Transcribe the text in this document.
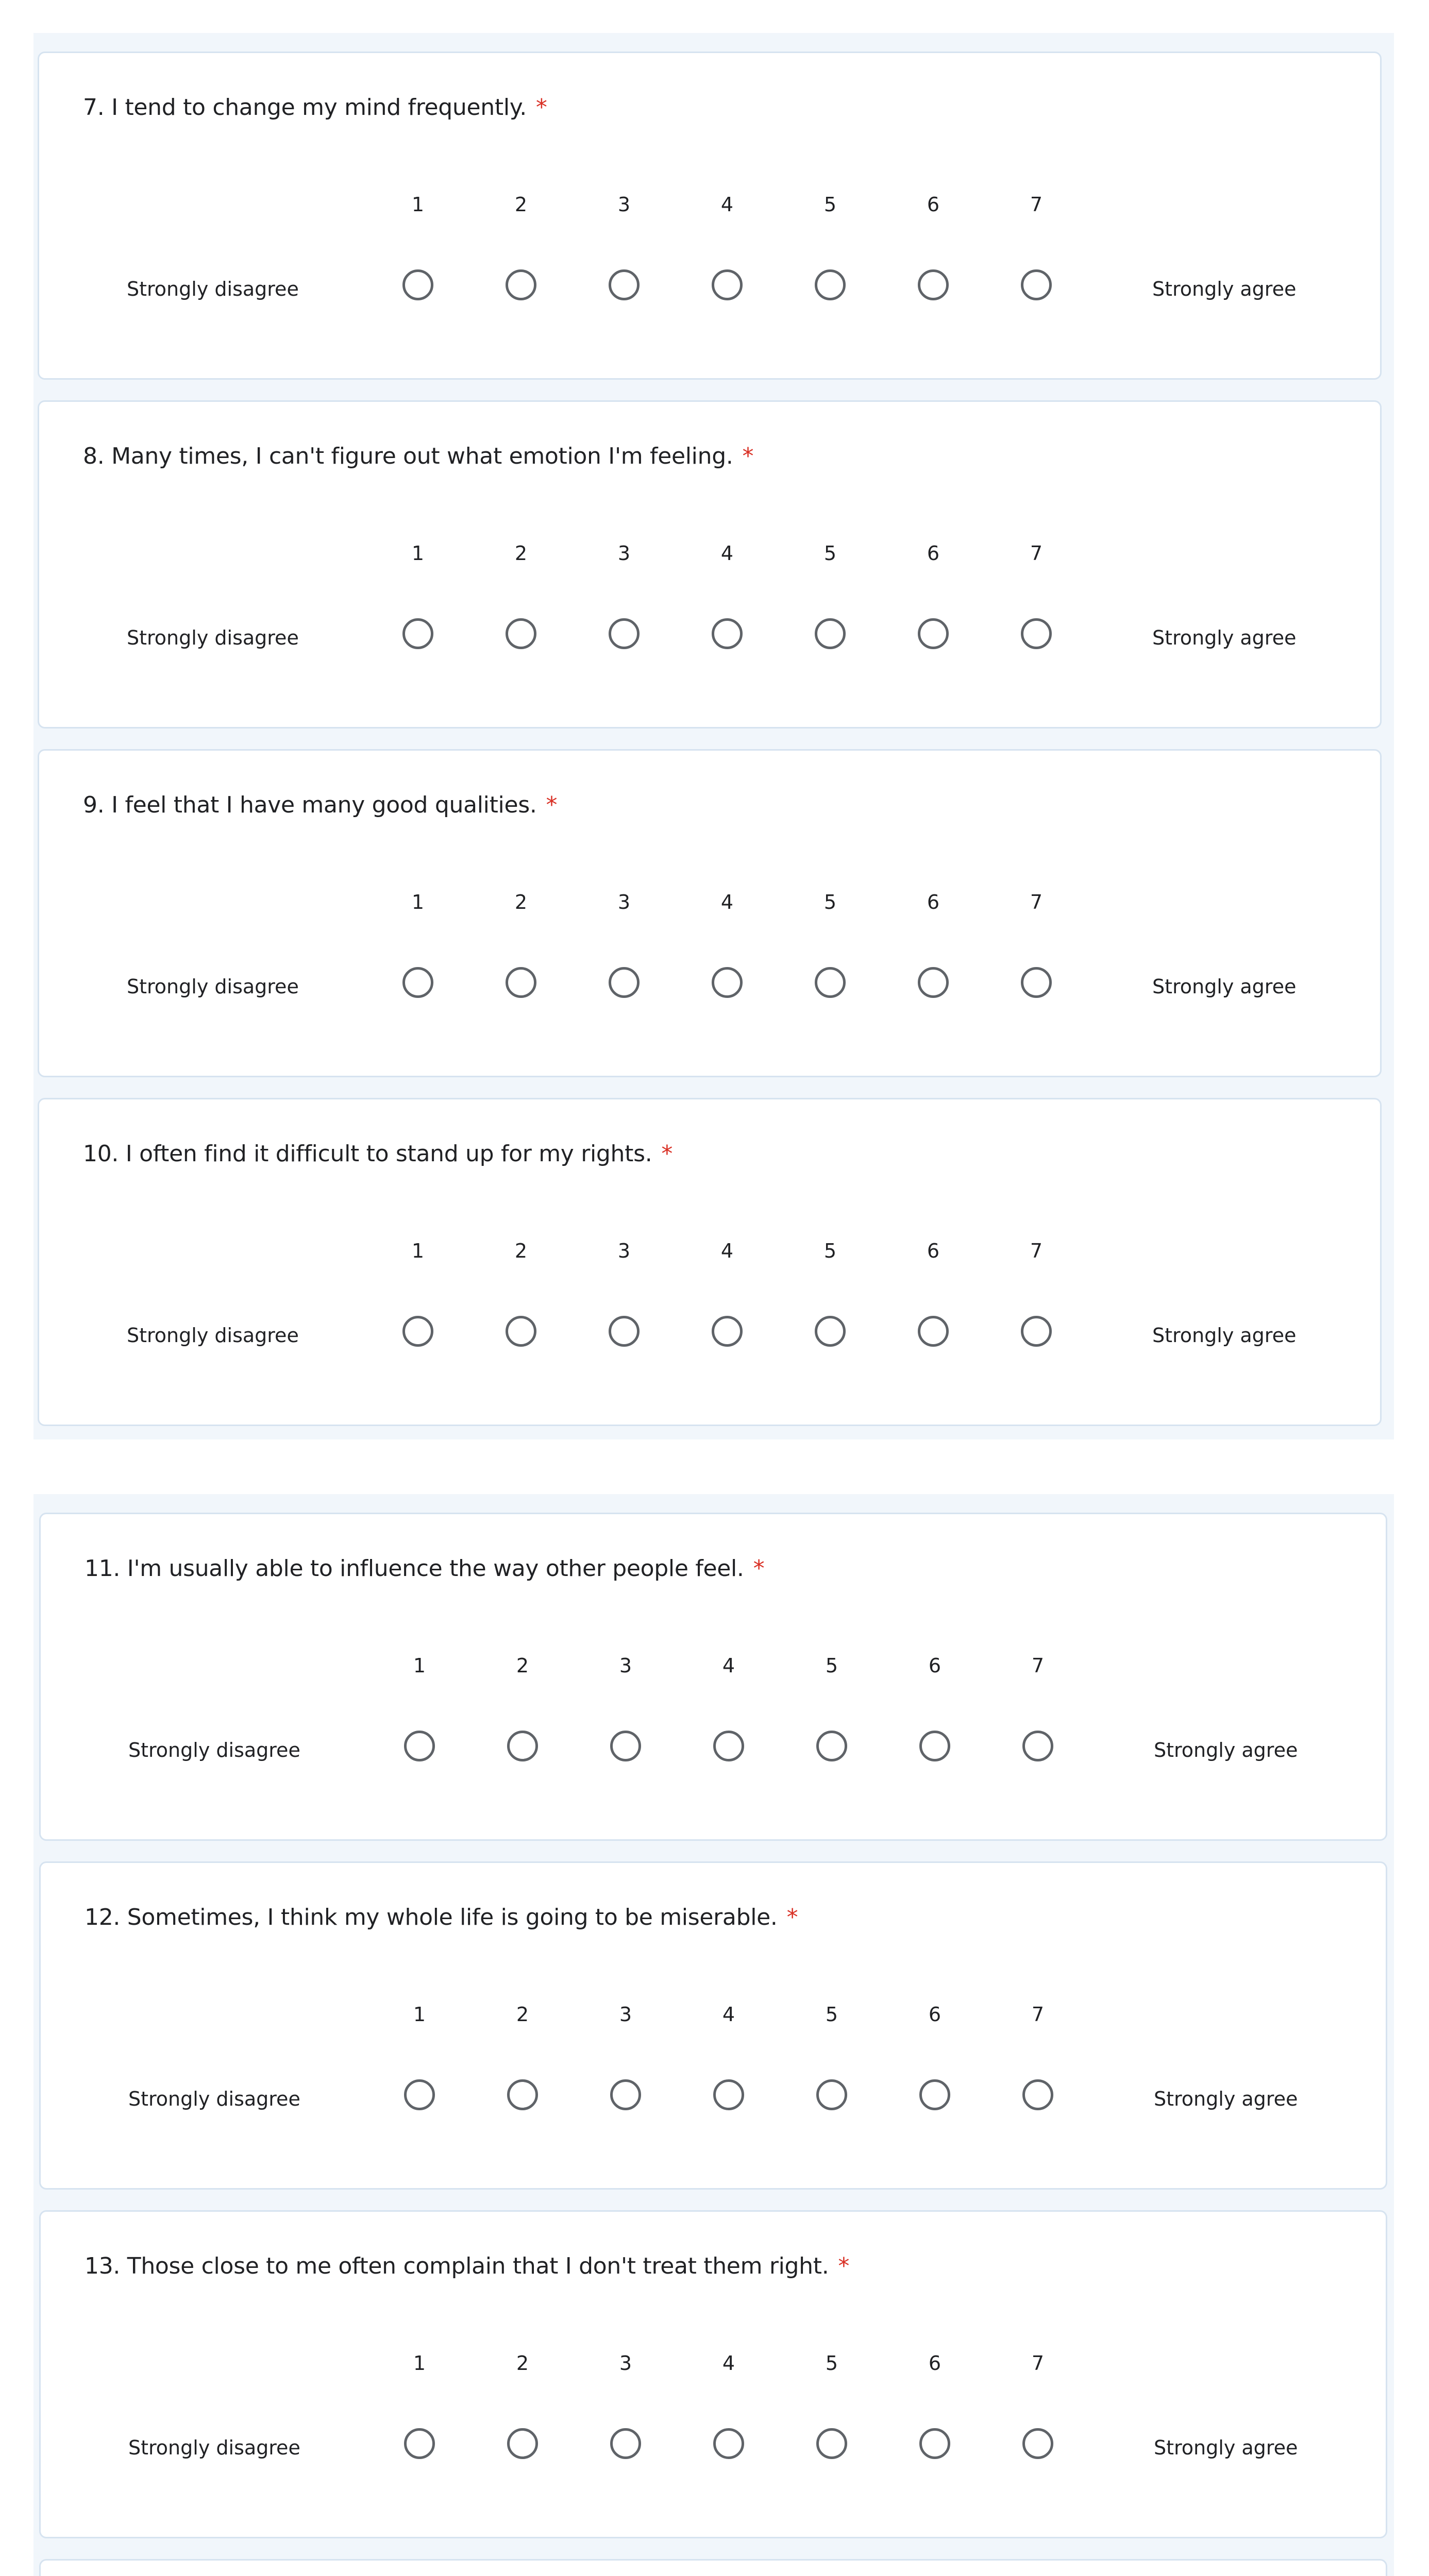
7. I tend to change my mind frequently. *
1	2	3	4	5	6	7
Strongly disagree	Strongly agree
8. Many times, I can't figure out what emotion I'm feeling. *
1	2	3	4	5	6	7
Strongly disagree	Strongly agree
9. I feel that I have many good qualities. *
1	2	3	4	5	6	7
Strongly disagree	Strongly agree
10. I often find it difficult to stand up for my rights. *
1	2	3	4	5	6	7
Strongly disagree	Strongly agree
11. I'm usually able to influence the way other people feel. *
1	2	3	4	5	6	7
Strongly disagree	Strongly agree
12. Sometimes, I think my whole life is going to be miserable. *
1	2	3	4	5	6	7
Strongly disagree	Strongly agree
13. Those close to me often complain that I don't treat them right. *
1	2	3	4	5	6	7
Strongly disagree	Strongly agree
